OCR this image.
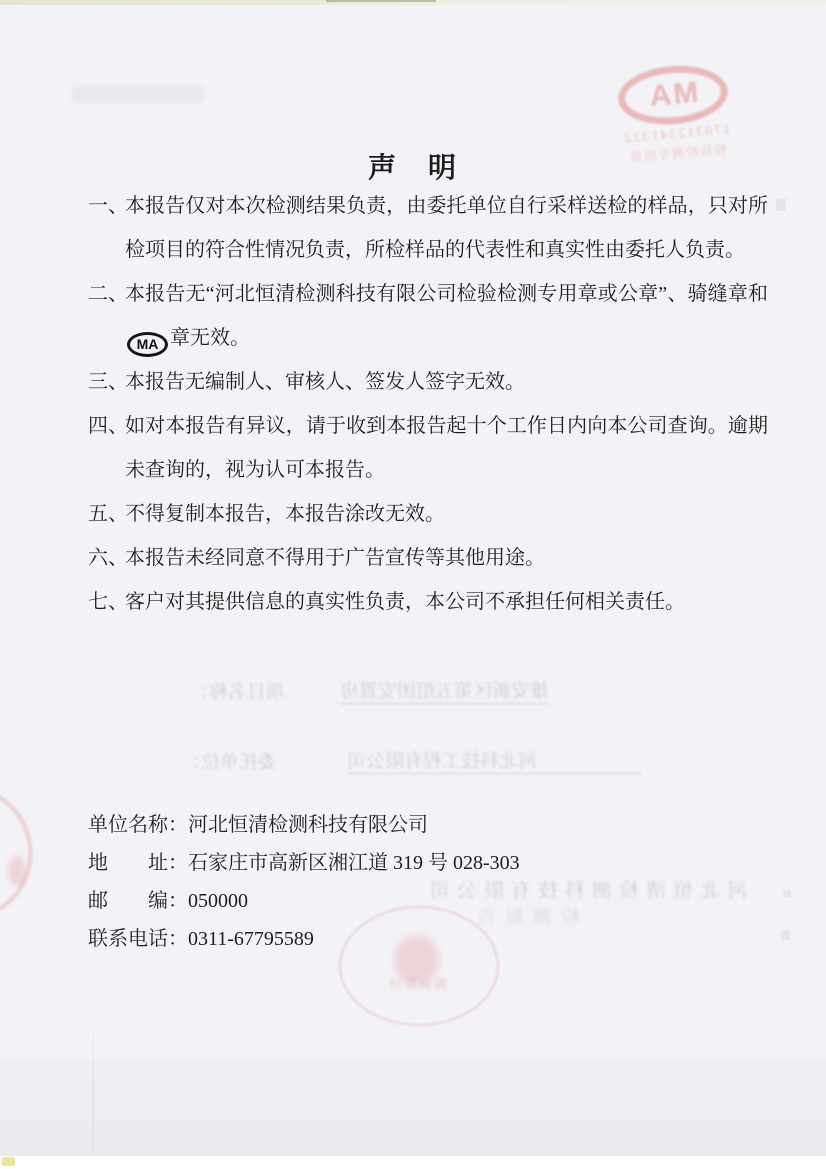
MA
170312341322
检验检测专用章
声　明
一、
本报告仅对本次检测结果负责，由委托单位自行采样送检的样品，只对所检项目的符合性情况负责，所检样品的代表性和真实性由委托人负责。
二、
本报告无“河北恒清检测科技有限公司检验检测专用章或公章”、骑缝章和MA 章无效。
三、
本报告无编制人、审核人、签发人签字无效。
四、
如对本报告有异议，请于收到本报告起十个工作日内向本公司查询。逾期未查询的，视为认可本报告。
五、
不得复制本报告，本报告涂改无效。
六、
本报告未经同意不得用于广告宣传等其他用途。
七、
客户对其提供信息的真实性负责，本公司不承担任何相关责任。
雄安新区第五组团安置房
项目名称：
河北科技工程有限公司
委托单位：
单位名称：河北恒清检测科技有限公司
地　　址：石家庄市高新区湘江道 319 号 028-303
邮　　编：050000
联系电话：0311-67795589
河北恒清检测科技有限公司
检测报告
恒清检测
